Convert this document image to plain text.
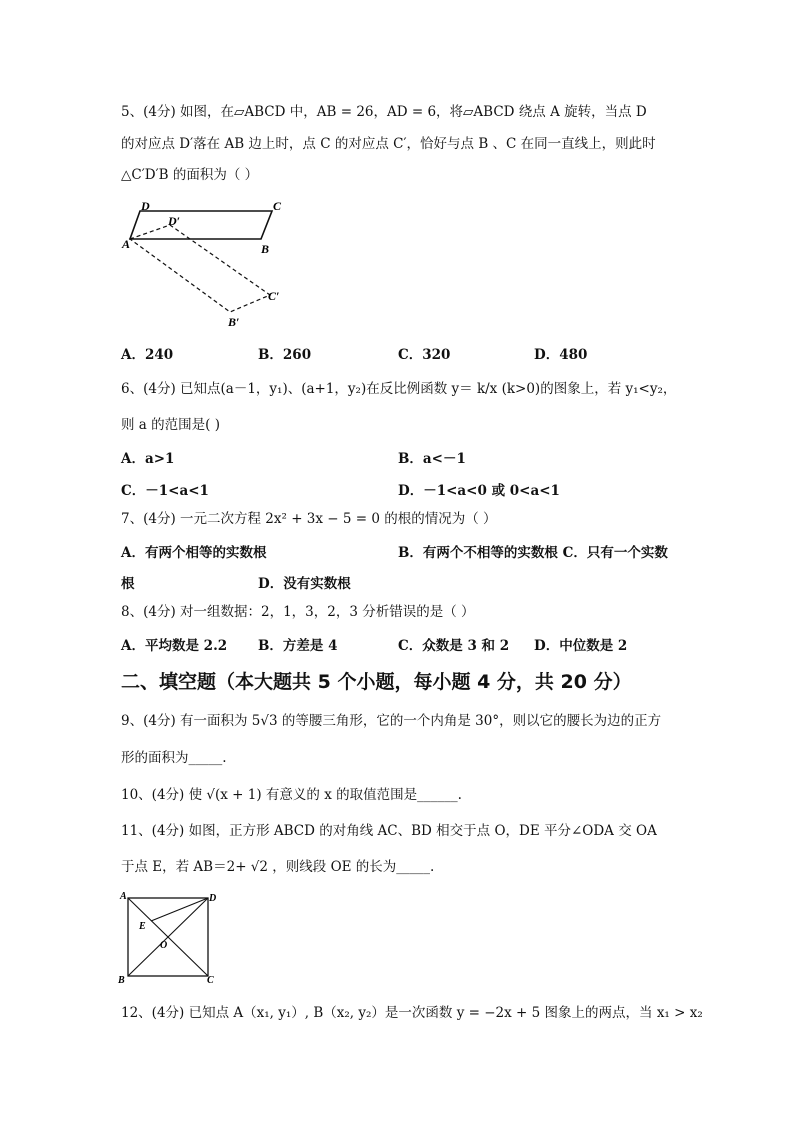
5、(4分) 如图，在▱ABCD 中，AB = 26，AD = 6，将▱ABCD 绕点 A 旋转，当点 D
的对应点 D′落在 AB 边上时，点 C 的对应点 C′，恰好与点 B 、C 在同一直线上，则此时
△C′D′B 的面积为（ ）
D	C
D′
A	B
C′
B′
A．240	B．260	C．320	D．480
6、(4分) 已知点(a－1，y₁)、(a+1，y₂)在反比例函数 y＝ k/x (k>0)的图象上，若 y₁<y₂，
则 a 的范围是( )
A．a>1	B．a<－1
C．－1<a<1	D．－1<a<0 或 0<a<1
7、(4分) 一元二次方程 2x² + 3x − 5 = 0 的根的情况为（ ）
A．有两个相等的实数根	B．有两个不相等的实数根 C．只有一个实数
根	D．没有实数根
8、(4分) 对一组数据：2，1，3，2，3 分析错误的是（ ）
A．平均数是 2.2 B．方差是 4	C．众数是 3 和 2 D．中位数是 2
二、填空题（本大题共 5 个小题，每小题 4 分，共 20 分）
9、(4分) 有一面积为 5√3 的等腰三角形，它的一个内角是 30°，则以它的腰长为边的正方
形的面积为_____.
10、(4分) 使 √(x + 1) 有意义的 x 的取值范围是______.
11、(4分) 如图，正方形 ABCD 的对角线 AC、BD 相交于点 O，DE 平分∠ODA 交 OA
于点 E，若 AB＝2+ √2 ，则线段 OE 的长为_____.
A	D
E
O
B	C
12、(4分) 已知点 A（x₁, y₁）, B（x₂, y₂）是一次函数 y = −2x + 5 图象上的两点，当 x₁ > x₂
